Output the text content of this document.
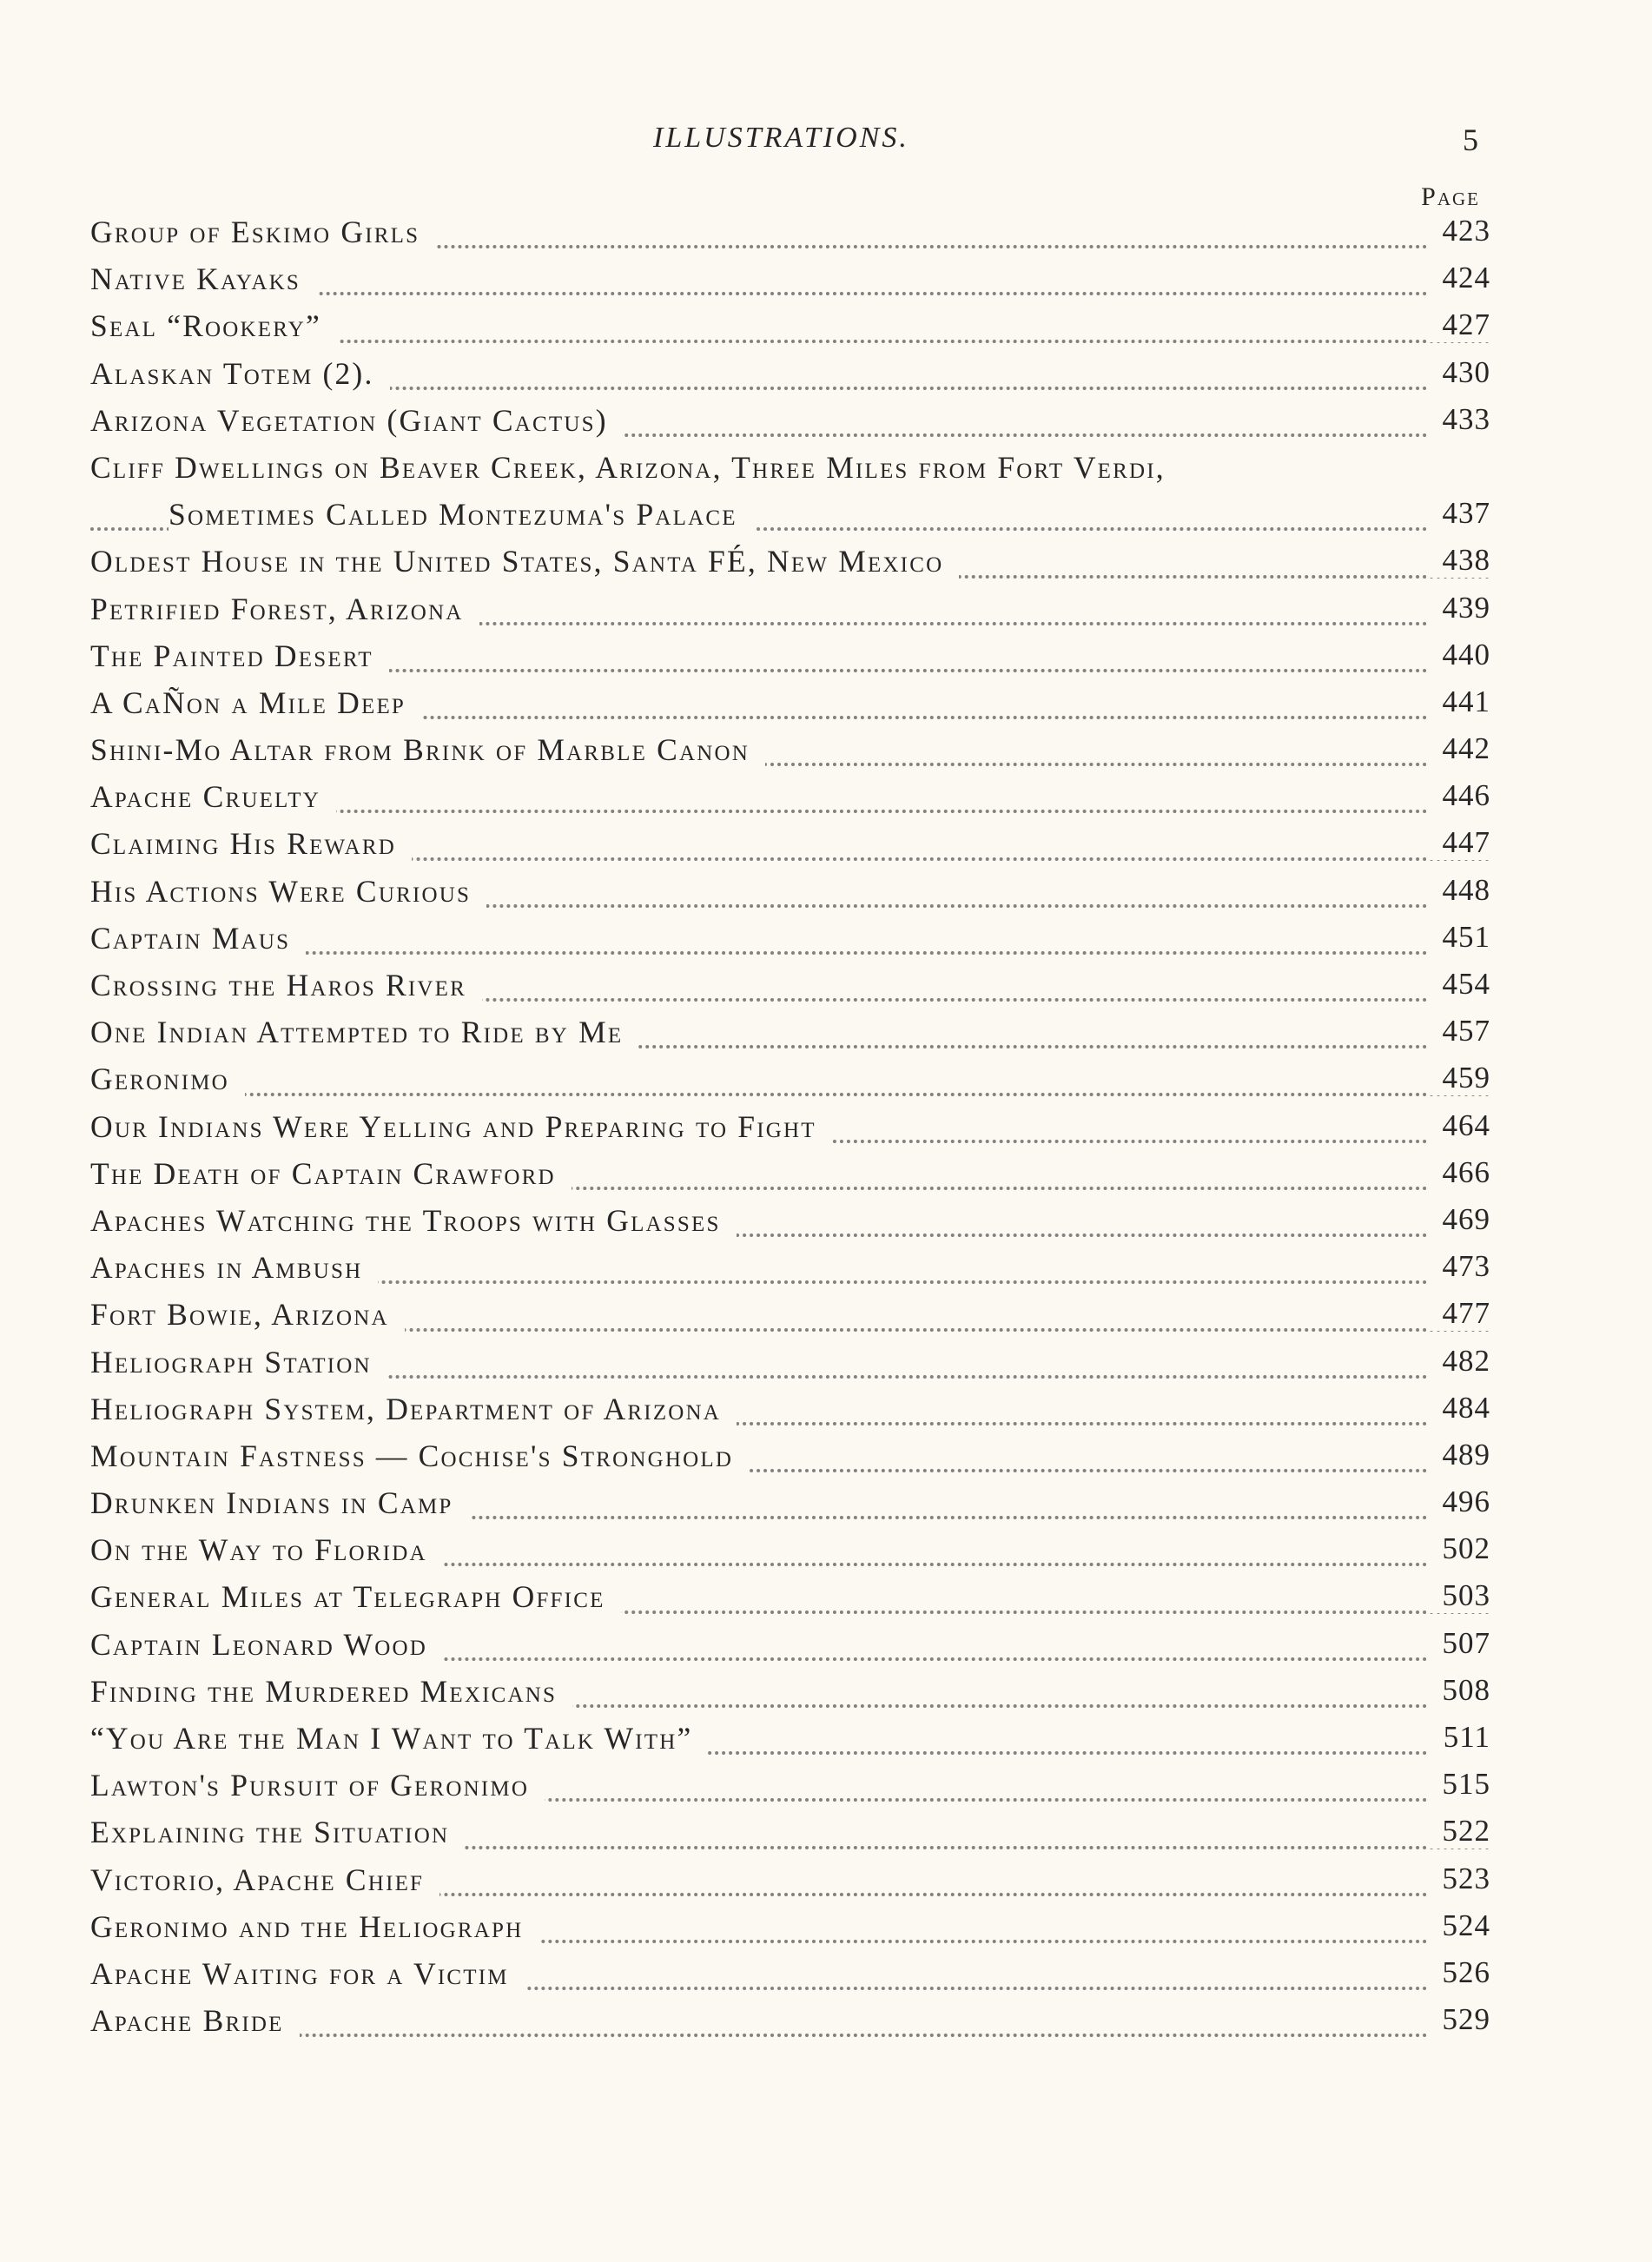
ILLUSTRATIONS.	5
Page
Group of Eskimo Girls	423
Native Kayaks	424
Seal “Rookery”	427
Alaskan Totem (2).	430
Arizona Vegetation (Giant Cactus)	433
Cliff Dwellings on Beaver Creek, Arizona, Three Miles from Fort Verdi,
Sometimes Called Montezuma's Palace	437
Oldest House in the United States, Santa FÉ, New Mexico	438
Petrified Forest, Arizona	439
The Painted Desert	440
A CaÑon a Mile Deep	441
Shini-Mo Altar from Brink of Marble Canon	442
Apache Cruelty	446
Claiming His Reward	447
His Actions Were Curious	448
Captain Maus	451
Crossing the Haros River	454
One Indian Attempted to Ride by Me	457
Geronimo	459
Our Indians Were Yelling and Preparing to Fight	464
The Death of Captain Crawford	466
Apaches Watching the Troops with Glasses	469
Apaches in Ambush	473
Fort Bowie, Arizona	477
Heliograph Station	482
Heliograph System, Department of Arizona	484
Mountain Fastness — Cochise's Stronghold	489
Drunken Indians in Camp	496
On the Way to Florida	502
General Miles at Telegraph Office	503
Captain Leonard Wood	507
Finding the Murdered Mexicans	508
“You Are the Man I Want to Talk With”	511
Lawton's Pursuit of Geronimo	515
Explaining the Situation	522
Victorio, Apache Chief	523
Geronimo and the Heliograph	524
Apache Waiting for a Victim	526
Apache Bride	529
